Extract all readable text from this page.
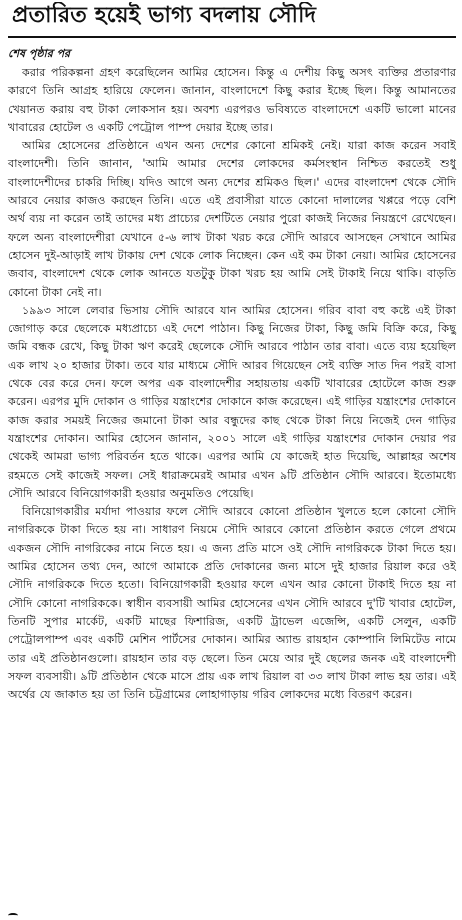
প্রতারিত হয়েই ভাগ্য বদলায় সৌদি
শেষ পৃষ্ঠার পর

করার পরিকল্পনা গ্রহণ করেছিলেন আমির হোসেন। কিন্তু এ দেশীয় কিছু অসৎ ব্যক্তির প্রতারণার কারণে তিনি আগ্রহ হারিয়ে ফেলেন। জানান, বাংলাদেশে কিছু করার ইচ্ছে ছিল। কিন্তু আমানতের খেয়ানত করায় বহু টাকা লোকসান হয়। অবশ্য এরপরও ভবিষ্যতে বাংলাদেশে একটি ভালো মানের খাবারের হোটেল ও একটি পেট্রোল পাম্প দেয়ার ইচ্ছে তার।

আমির হোসেনের প্রতিষ্ঠানে এখন অন্য দেশের কোনো শ্রমিকই নেই। যারা কাজ করেন সবাই বাংলাদেশী। তিনি জানান, 'আমি আমার দেশের লোকদের কর্মসংস্থান নিশ্চিত করতেই শুধু বাংলাদেশীদের চাকরি দিচ্ছি। যদিও আগে অন্য দেশের শ্রমিকও ছিল।' এদের বাংলাদেশ থেকে সৌদি আরবে নেয়ার কাজও করছেন তিনি। এতে এই প্রবাসীরা যাতে কোনো দালালের খপ্পরে পড়ে বেশি অর্থ ব্যয় না করেন তাই তাদের মধ্য প্রাচ্যের দেশটিতে নেয়ার পুরো কাজই নিজের নিয়ন্ত্রণে রেখেছেন। ফলে অন্য বাংলাদেশীরা যেখানে ৫-৬ লাখ টাকা খরচ করে সৌদি আরবে আসছেন সেখানে আমির হোসেন দুই-আড়াই লাখ টাকায় দেশ থেকে লোক নিচ্ছেন। কেন এই কম টাকা নেয়া। আমির হোসেনের জবাব, বাংলাদেশ থেকে লোক আনতে যতটুকু টাকা খরচ হয় আমি সেই টাকাই নিয়ে থাকি। বাড়তি কোনো টাকা নেই না।

১৯৯৩ সালে লেবার ভিসায় সৌদি আরবে যান আমির হোসেন। গরিব বাবা বহু কষ্টে এই টাকা জোগাড় করে ছেলেকে মধ্যপ্রাচ্যে এই দেশে পাঠান। কিছু নিজের টাকা, কিছু জমি বিক্রি করে, কিছু জমি বন্ধক রেখে, কিছু টাকা ঋণ করেই ছেলেকে সৌদি আরবে পাঠান তার বাবা। এতে ব্যয় হয়েছিল এক লাখ ২০ হাজার টাকা। তবে যার মাধ্যমে সৌদি আরব গিয়েছেন সেই ব্যক্তি সাত দিন পরই বাসা থেকে বের করে দেন। ফলে অপর এক বাংলাদেশীর সহায়তায় একটি খাবারের হোটেলে কাজ শুরু করেন। এরপর মুদি দোকান ও গাড়ির যন্ত্রাংশের দোকানে কাজ করেছেন। এই গাড়ির যন্ত্রাংশের দোকানে কাজ করার সময়ই নিজের জমানো টাকা আর বন্ধুদের কাছ থেকে টাকা নিয়ে নিজেই দেন গাড়ির যন্ত্রাংশের দোকান। আমির হোসেন জানান, ২০০১ সালে এই গাড়ির যন্ত্রাংশের দোকান দেয়ার পর থেকেই আমরা ভাগ্য পরিবর্তন হতে থাকে। এরপর আমি যে কাজেই হাত দিয়েছি, আল্লাহর অশেষ রহমতে সেই কাজেই সফল। সেই ধারাক্রমেরই আমার এখন ৯টি প্রতিষ্ঠান সৌদি আরবে। ইতোমধ্যে সৌদি আরবে বিনিয়োগকারী হওয়ার অনুমতিও পেয়েছি।

বিনিয়োগকারীর মর্যাদা পাওয়ার ফলে সৌদি আরবে কোনো প্রতিষ্ঠান খুলতে হলে কোনো সৌদি নাগরিককে টাকা দিতে হয় না। সাধারণ নিয়মে সৌদি আরবে কোনো প্রতিষ্ঠান করতে গেলে প্রথমে একজন সৌদি নাগরিকের নামে নিতে হয়। এ জন্য প্রতি মাসে ওই সৌদি নাগরিককে টাকা দিতে হয়। আমির হোসেন তথ্য দেন, আগে আমাকে প্রতি দোকানের জন্য মাসে দুই হাজার রিয়াল করে ওই সৌদি নাগরিককে দিতে হতো। বিনিয়োগকারী হওয়ার ফলে এখন আর কোনো টাকাই দিতে হয় না সৌদি কোনো নাগরিককে। স্বাধীন ব্যবসায়ী আমির হোসেনের এখন সৌদি আরবে দু'টি খাবার হোটেল, তিনটি সুপার মার্কেট, একটি মাছের ফিশারিজ, একটি ট্রাভেল এজেন্সি, একটি সেলুন, একটি পেট্রোলপাম্প এবং একটি মেশিন পার্টসের দোকান। আমির অ্যান্ড রায়হান কোম্পানি লিমিটেড নামে তার এই প্রতিষ্ঠানগুলো। রায়হান তার বড় ছেলে। তিন মেয়ে আর দুই ছেলের জনক এই বাংলাদেশী সফল ব্যবসায়ী। ৯টি প্রতিষ্ঠান থেকে মাসে প্রায় এক লাখ রিয়াল বা ৩৩ লাখ টাকা লাভ হয় তার। এই অর্থের যে জাকাত হয় তা তিনি চট্টগ্রামের লোহাগাড়ায় গরিব লোকদের মধ্যে বিতরণ করেন।
